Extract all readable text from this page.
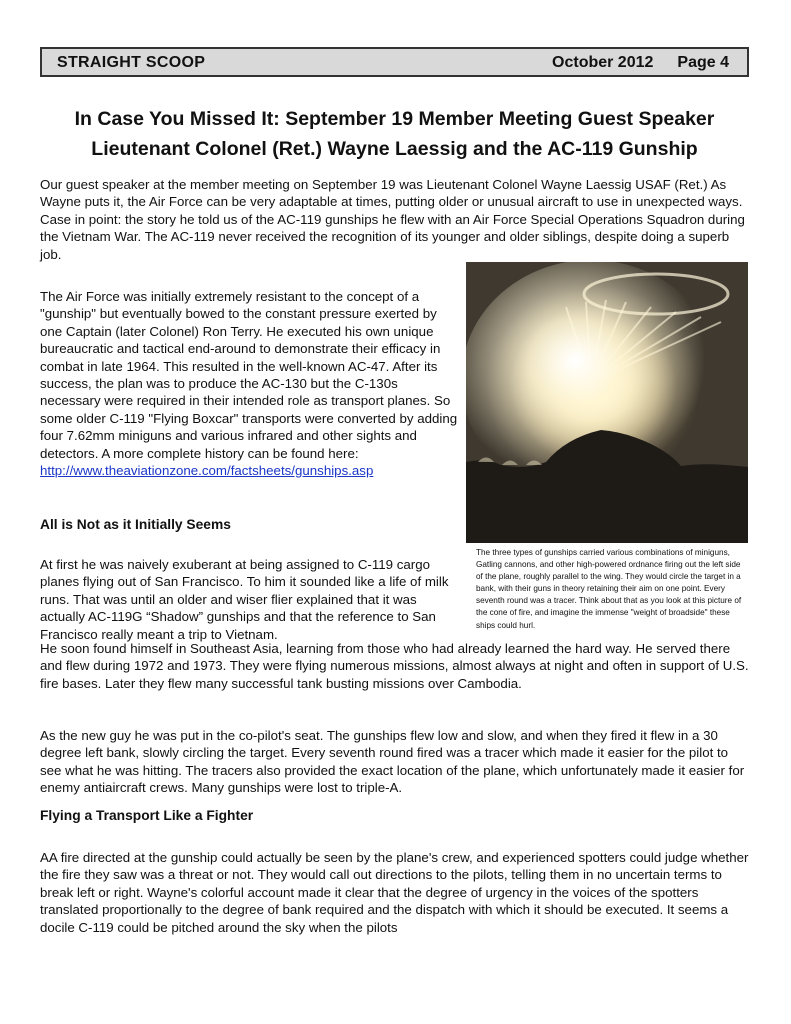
STRAIGHT SCOOP	October 2012 Page 4
In Case You Missed It: September 19 Member Meeting Guest Speaker
Lieutenant Colonel (Ret.) Wayne Laessig and the AC-119 Gunship

Our guest speaker at the member meeting on September 19 was Lieutenant Colonel Wayne Laessig USAF (Ret.) As Wayne puts it, the Air Force can be very adaptable at times, putting older or unusual aircraft to use in unexpected ways. Case in point: the story he told us of the AC-119 gunships he flew with an Air Force Special Operations Squadron during the Vietnam War. The AC-119 never received the recognition of its younger and older siblings, despite doing a superb job.

The Air Force was initially extremely resistant to the concept of a "gunship" but eventually bowed to the constant pressure exerted by one Captain (later Colonel) Ron Terry. He executed his own unique bureaucratic and tactical end-around to demonstrate their efficacy in combat in late 1964. This resulted in the well-known AC-47. After its success, the plan was to produce the AC-130 but the C-130s necessary were required in their intended role as transport planes. So some older C-119 "Flying Boxcar" transports were converted by adding four 7.62mm miniguns and various infrared and other sights and detectors. A more complete history can be found here: http://www.theaviationzone.com/factsheets/gunships.asp

The three types of gunships carried various combinations of miniguns, Gatling cannons, and other high-powered ordnance firing out the left side of the plane, roughly parallel to the wing. They would circle the target in a bank, with their guns in theory retaining their aim on one point. Every seventh round was a tracer. Think about that as you look at this picture of the cone of fire, and imagine the immense "weight of broadside" these ships could hurl.

All is Not as it Initially Seems

At first he was naively exuberant at being assigned to C-119 cargo planes flying out of San Francisco. To him it sounded like a life of milk runs. That was until an older and wiser flier explained that it was actually AC-119G “Shadow” gunships and that the reference to San Francisco really meant a trip to Vietnam.

He soon found himself in Southeast Asia, learning from those who had already learned the hard way. He served there and flew during 1972 and 1973. They were flying numerous missions, almost always at night and often in support of U.S. fire bases. Later they flew many successful tank busting missions over Cambodia.

As the new guy he was put in the co-pilot's seat. The gunships flew low and slow, and when they fired it flew in a 30 degree left bank, slowly circling the target. Every seventh round fired was a tracer which made it easier for the pilot to see what he was hitting. The tracers also provided the exact location of the plane, which unfortunately made it easier for enemy antiaircraft crews. Many gunships were lost to triple-A.

Flying a Transport Like a Fighter

AA fire directed at the gunship could actually be seen by the plane's crew, and experienced spotters could judge whether the fire they saw was a threat or not. They would call out directions to the pilots, telling them in no uncertain terms to break left or right. Wayne's colorful account made it clear that the degree of urgency in the voices of the spotters translated proportionally to the degree of bank required and the dispatch with which it should be executed. It seems a docile C-119 could be pitched around the sky when the pilots
